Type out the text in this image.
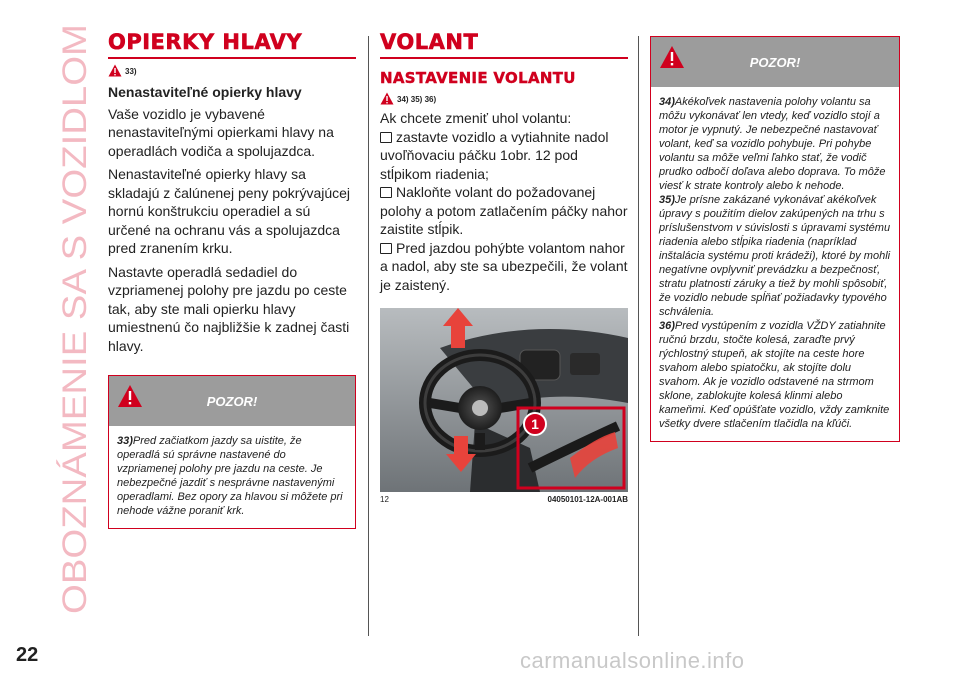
OBOZNÁMENIE SA S VOZIDLOM
OPIERKY HLAVY
33)

Nenastaviteľné opierky hlavy

Vaše vozidlo je vybavené nenastaviteľnými opierkami hlavy na operadlách vodiča a spolujazdca.

Nenastaviteľné opierky hlavy sa skladajú z čalúnenej peny pokrývajúcej hornú konštrukciu operadiel a sú určené na ochranu vás a spolujazdca pred zranením krku.

Nastavte operadlá sedadiel do vzpriamenej polohy pre jazdu po ceste tak, aby ste mali opierku hlavy umiestnenú čo najbližšie k zadnej časti hlavy.

POZOR!
33)Pred začiatkom jazdy sa uistite, že operadlá sú správne nastavené do vzpriamenej polohy pre jazdu na ceste. Je nebezpečné jazdiť s nesprávne nastavenými operadlami. Bez opory za hlavou si môžete pri nehode vážne poraniť krk.
VOLANT
NASTAVENIE VOLANTU
34) 35) 36)

Ak chcete zmeniť uhol volantu:

zastavte vozidlo a vytiahnite nadol uvoľňovaciu páčku 1obr. 12 pod stĺpikom riadenia;

Nakloňte volant do požadovanej polohy a potom zatlačením páčky nahor zaistite stĺpik.

Pred jazdou pohýbte volantom nahor a nadol, aby ste sa ubezpečili, že volant je zaistený.

1
12	04050101-12A-001AB
POZOR!

34)Akékoľvek nastavenia polohy volantu sa môžu vykonávať len vtedy, keď vozidlo stojí a motor je vypnutý. Je nebezpečné nastavovať volant, keď sa vozidlo pohybuje. Pri pohybe volantu sa môže veľmi ľahko stať, že vodič prudko odbočí doľava alebo doprava. To môže viesť k strate kontroly alebo k nehode.

35)Je prísne zakázané vykonávať akékoľvek úpravy s použitím dielov zakúpených na trhu s príslušenstvom v súvislosti s úpravami systému riadenia alebo stĺpika riadenia (napríklad inštalácia systému proti krádeži), ktoré by mohli negatívne ovplyvniť prevádzku a bezpečnosť, stratu platnosti záruky a tiež by mohli spôsobiť, že vozidlo nebude spĺňať požiadavky typového schválenia.

36)Pred vystúpením z vozidla VŽDY zatiahnite ručnú brzdu, stočte kolesá, zaraďte prvý rýchlostný stupeň, ak stojíte na ceste hore svahom alebo spiatočku, ak stojíte dolu svahom. Ak je vozidlo odstavené na strmom sklone, zablokujte kolesá klinmi alebo kameňmi. Keď opúšťate vozidlo, vždy zamknite všetky dvere stlačením tlačidla na kľúči.

22	carmanualsonline.info
